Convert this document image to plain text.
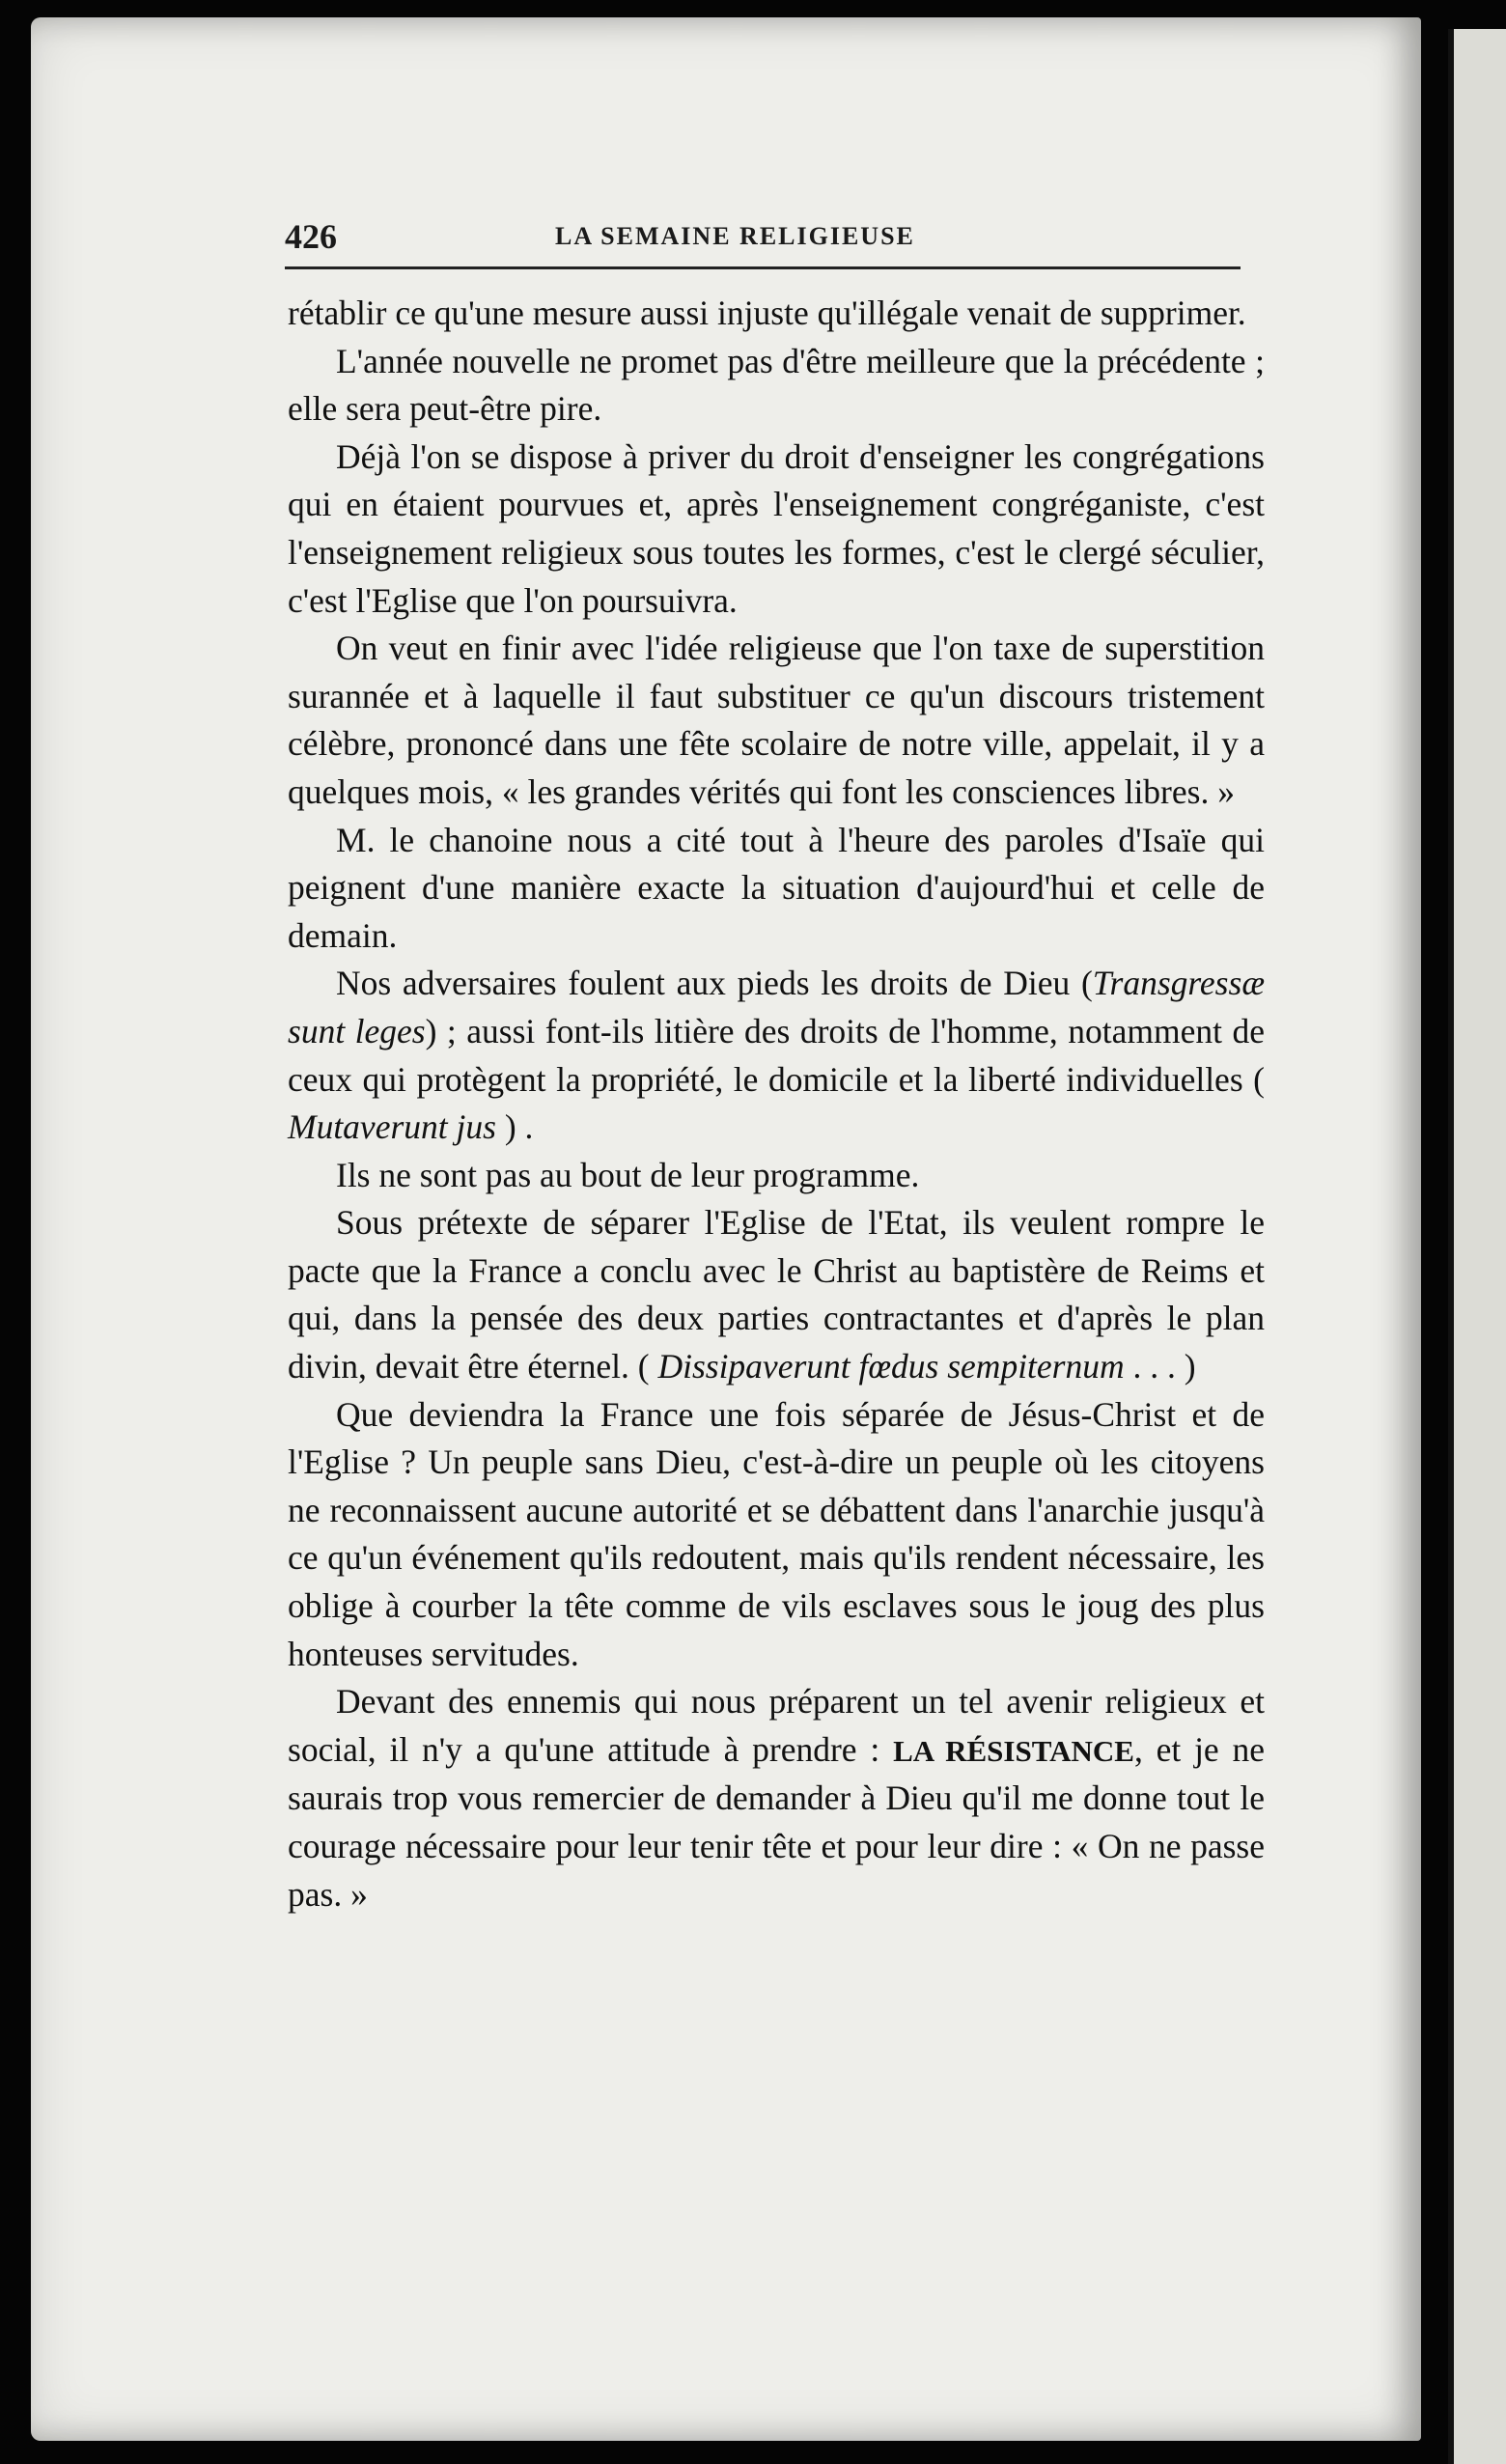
426	LA SEMAINE RELIGIEUSE

rétablir ce qu'une mesure aussi injuste qu'illégale venait de supprimer.

L'année nouvelle ne promet pas d'être meilleure que la précédente ; elle sera peut-être pire.

Déjà l'on se dispose à priver du droit d'enseigner les congrégations qui en étaient pourvues et, après l'enseignement congréganiste, c'est l'enseignement religieux sous toutes les formes, c'est le clergé séculier, c'est l'Eglise que l'on poursuivra.

On veut en finir avec l'idée religieuse que l'on taxe de superstition surannée et à laquelle il faut substituer ce qu'un discours tristement célèbre, prononcé dans une fête scolaire de notre ville, appelait, il y a quelques mois, « les grandes vérités qui font les consciences libres. »

M. le chanoine nous a cité tout à l'heure des paroles d'Isaïe qui peignent d'une manière exacte la situation d'aujourd'hui et celle de demain.

Nos adversaires foulent aux pieds les droits de Dieu (Transgressæ sunt leges) ; aussi font-ils litière des droits de l'homme, notamment de ceux qui protègent la propriété, le domicile et la liberté individuelles ( Mutaverunt jus ) .

Ils ne sont pas au bout de leur programme.

Sous prétexte de séparer l'Eglise de l'Etat, ils veulent rompre le pacte que la France a conclu avec le Christ au baptistère de Reims et qui, dans la pensée des deux parties contractantes et d'après le plan divin, devait être éternel. ( Dissipaverunt fœdus sempiternum . . . )

Que deviendra la France une fois séparée de Jésus-Christ et de l'Eglise ? Un peuple sans Dieu, c'est-à-dire un peuple où les citoyens ne reconnaissent aucune autorité et se débattent dans l'anarchie jusqu'à ce qu'un événement qu'ils redoutent, mais qu'ils rendent nécessaire, les oblige à courber la tête comme de vils esclaves sous le joug des plus honteuses servitudes.

Devant des ennemis qui nous préparent un tel avenir religieux et social, il n'y a qu'une attitude à prendre : LA RÉSISTANCE, et je ne saurais trop vous remercier de demander à Dieu qu'il me donne tout le courage nécessaire pour leur tenir tête et pour leur dire : « On ne passe pas. »
